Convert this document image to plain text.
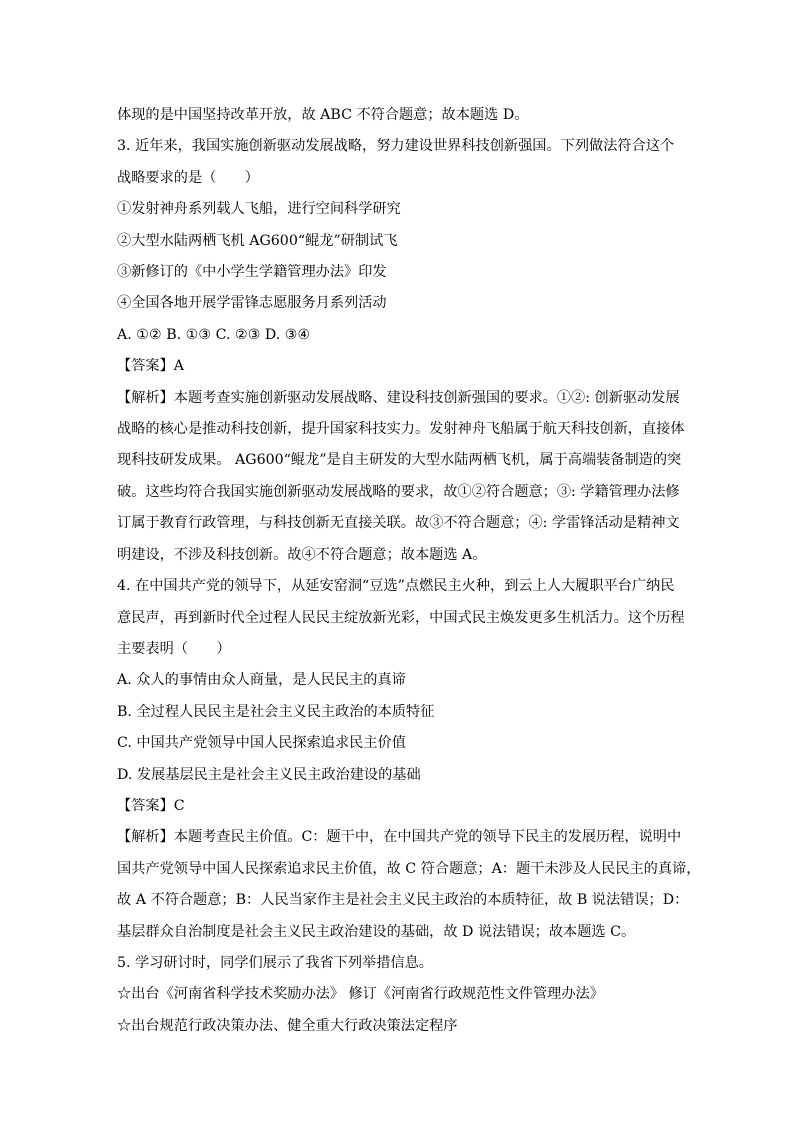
体现的是中国坚持改革开放，故 ABC 不符合题意；故本题选 D。
3. 近年来，我国实施创新驱动发展战略，努力建设世界科技创新强国。下列做法符合这个
战略要求的是（　　）
①发射神舟系列载人飞船，进行空间科学研究
②大型水陆两栖飞机 AG600“鲲龙”研制试飞
③新修订的《中小学生学籍管理办法》印发
④全国各地开展学雷锋志愿服务月系列活动
A. ①② B. ①③ C. ②③ D. ③④
【答案】A
【解析】本题考查实施创新驱动发展战略、建设科技创新强国的要求。①②: 创新驱动发展
战略的核心是推动科技创新，提升国家科技实力。发射神舟飞船属于航天科技创新，直接体
现科技研发成果。 AG600“鲲龙”是自主研发的大型水陆两栖飞机，属于高端装备制造的突
破。这些均符合我国实施创新驱动发展战略的要求，故①②符合题意；③: 学籍管理办法修
订属于教育行政管理，与科技创新无直接关联。故③不符合题意；④: 学雷锋活动是精神文
明建设，不涉及科技创新。故④不符合题意；故本题选 A。
4. 在中国共产党的领导下，从延安窑洞“豆选”点燃民主火种，到云上人大履职平台广纳民
意民声，再到新时代全过程人民民主绽放新光彩，中国式民主焕发更多生机活力。这个历程
主要表明（　　）
A. 众人的事情由众人商量，是人民民主的真谛
B. 全过程人民民主是社会主义民主政治的本质特征
C. 中国共产党领导中国人民探索追求民主价值
D. 发展基层民主是社会主义民主政治建设的基础
【答案】C
【解析】本题考查民主价值。C：题干中，在中国共产党的领导下民主的发展历程，说明中
国共产党领导中国人民探索追求民主价值，故 C 符合题意；A：题干未涉及人民民主的真谛，
故 A 不符合题意；B：人民当家作主是社会主义民主政治的本质特征，故 B 说法错误；D：
基层群众自治制度是社会主义民主政治建设的基础，故 D 说法错误；故本题选 C。
5. 学习研讨时，同学们展示了我省下列举措信息。
☆出台《河南省科学技术奖励办法》 修订《河南省行政规范性文件管理办法》
☆出台规范行政决策办法、健全重大行政决策法定程序
